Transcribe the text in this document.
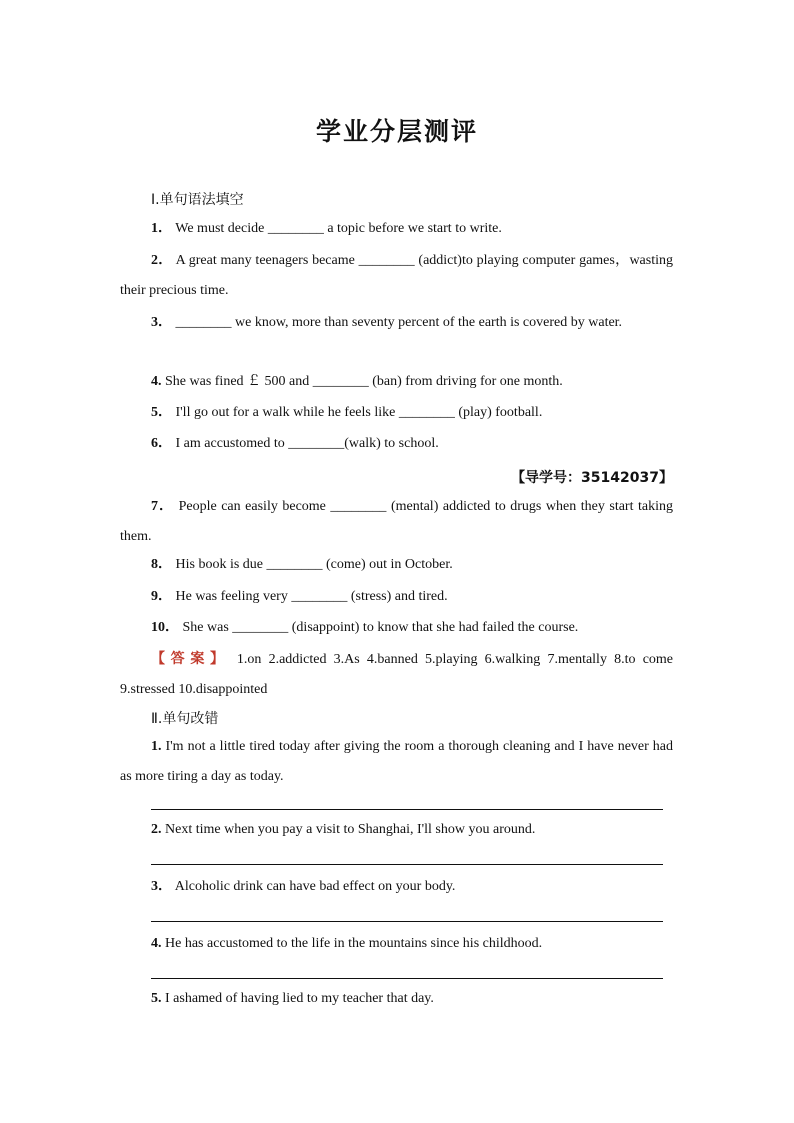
学业分层测评
Ⅰ.单句语法填空

1． We must decide ________ a topic before we start to write.

2． A great many teenagers became ________ (addict)to playing computer games，wasting their precious time.

3． ________ we know, more than seventy percent of the earth is covered by water.

4. She was fined ￡ 500 and ________ (ban) from driving for one month.

5． I'll go out for a walk while he feels like ________ (play) football.

6． I am accustomed to ________(walk) to school.

【导学号：35142037】

7． People can easily become ________ (mental) addicted to drugs when they start taking them.

8． His book is due ________ (come) out in October.

9． He was feeling very ________ (stress) and tired.

10． She was ________ (disappoint) to know that she had failed the course.

【答案】 1.on 2.addicted 3.As 4.banned 5.playing 6.walking 7.mentally 8.to come 9.stressed 10.disappointed

Ⅱ.单句改错

1. I'm not a little tired today after giving the room a thorough cleaning and I have never had as more tiring a day as today.

2. Next time when you pay a visit to Shanghai, I'll show you around.

3． Alcoholic drink can have bad effect on your body.

4. He has accustomed to the life in the mountains since his childhood.

5. I ashamed of having lied to my teacher that day.
